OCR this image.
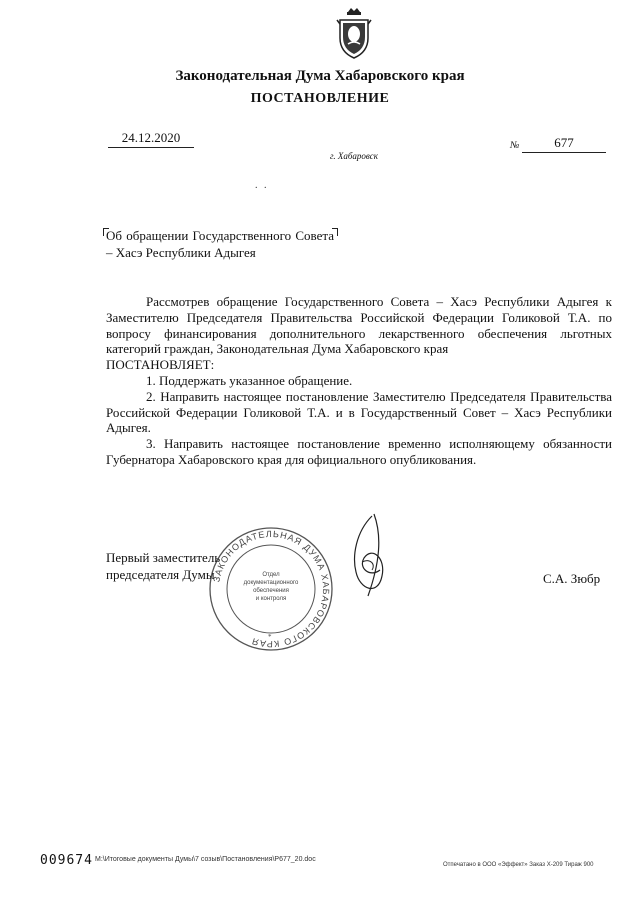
Законодательная Дума Хабаровского края
ПОСТАНОВЛЕНИЕ
24.12.2020
г. Хабаровск
№	677
. .
Об обращении Государственного Совета – Хасэ Республики Адыгея

Рассмотрев обращение Государственного Совета – Хасэ Республики Адыгея к Заместителю Председателя Правительства Российской Федерации Голиковой Т.А. по вопросу финансирования дополнительного лекарственного обеспечения льготных категорий граждан, Законодательная Дума Хабаровского края

ПОСТАНОВЛЯЕТ:

1. Поддержать указанное обращение.

2. Направить настоящее постановление Заместителю Председателя Правительства Российской Федерации Голиковой Т.А. и в Государственный Совет – Хасэ Республики Адыгея.

3. Направить настоящее постановление временно исполняющему обязанности Губернатора Хабаровского края для официального опубликования.

ЗАКОНОДАТЕЛЬНАЯ ДУМА ХАБАРОВСКОГО КРАЯ
Отдел
документационного
обеспечения
и контроля
*
Первый заместитель
председателя Думы	С.А. Зюбр
009674 M:\Итоговые документы Думы\7 созыв\Постановления\P677_20.doc
Отпечатано в ООО «Эффект» Заказ Х-209 Тираж 900
